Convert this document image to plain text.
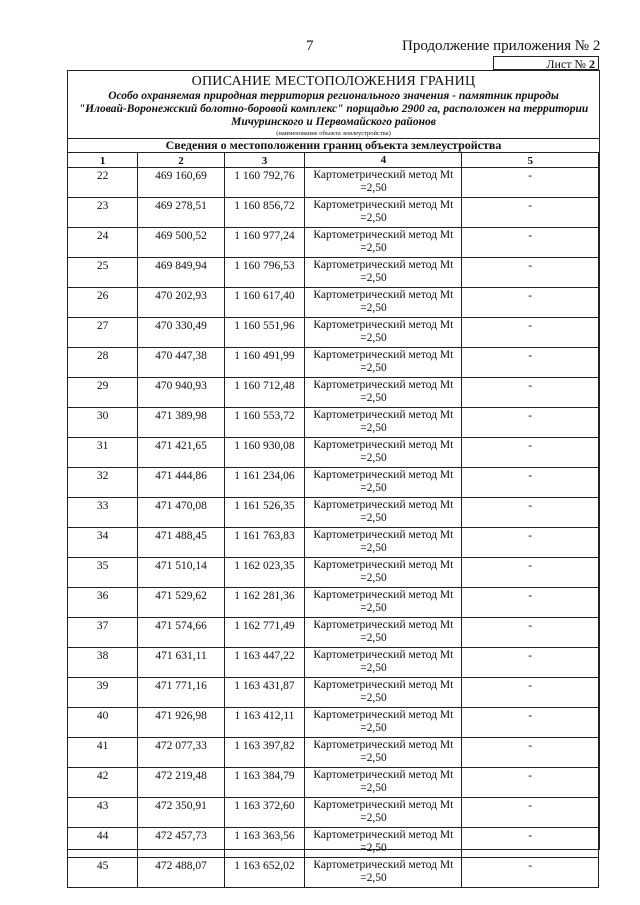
7	Продолжение приложения № 2
Лист № 2
ОПИСАНИЕ МЕСТОПОЛОЖЕНИЯ ГРАНИЦ
Особо охраняемая природная территория регионального значения - памятник природы
"Иловай-Воронежский болотно-боровой комплекс" порщадью 2900 га, расположен на территории
Мичуринского и Первомайского районов
(наименование объекта землеустройства)
Сведения о местоположении границ объекта землеустройства
1	2	3	4	5
22	469 160,69	1 160 792,76	Картометрический метод Mt
=2,50	-
23	469 278,51	1 160 856,72	Картометрический метод Mt
=2,50	-
24	469 500,52	1 160 977,24	Картометрический метод Mt
=2,50	-
25	469 849,94	1 160 796,53	Картометрический метод Mt
=2,50	-
26	470 202,93	1 160 617,40	Картометрический метод Mt
=2,50	-
27	470 330,49	1 160 551,96	Картометрический метод Mt
=2,50	-
28	470 447,38	1 160 491,99	Картометрический метод Mt
=2,50	-
29	470 940,93	1 160 712,48	Картометрический метод Mt
=2,50	-
30	471 389,98	1 160 553,72	Картометрический метод Mt
=2,50	-
31	471 421,65	1 160 930,08	Картометрический метод Mt
=2,50	-
32	471 444,86	1 161 234,06	Картометрический метод Mt
=2,50	-
33	471 470,08	1 161 526,35	Картометрический метод Mt
=2,50	-
34	471 488,45	1 161 763,83	Картометрический метод Mt
=2,50	-
35	471 510,14	1 162 023,35	Картометрический метод Mt
=2,50	-
36	471 529,62	1 162 281,36	Картометрический метод Mt
=2,50	-
37	471 574,66	1 162 771,49	Картометрический метод Mt
=2,50	-
38	471 631,11	1 163 447,22	Картометрический метод Mt
=2,50	-
39	471 771,16	1 163 431,87	Картометрический метод Mt
=2,50	-
40	471 926,98	1 163 412,11	Картометрический метод Mt
=2,50	-
41	472 077,33	1 163 397,82	Картометрический метод Mt
=2,50	-
42	472 219,48	1 163 384,79	Картометрический метод Mt
=2,50	-
43	472 350,91	1 163 372,60	Картометрический метод Mt
=2,50	-
44	472 457,73	1 163 363,56	Картометрический метод Mt
=2,50	-
45	472 488,07	1 163 652,02	Картометрический метод Mt
=2,50	-
